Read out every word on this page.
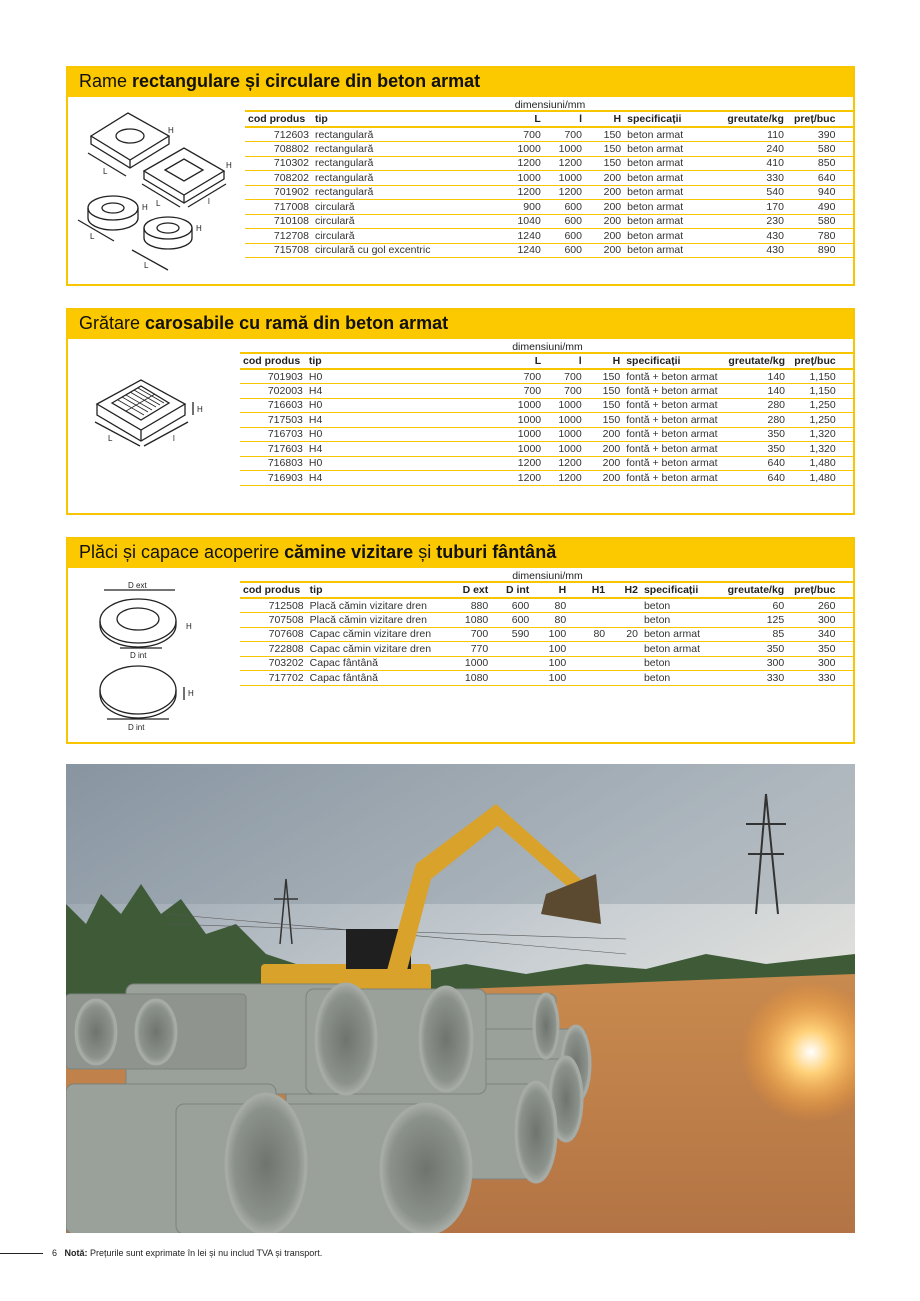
Rame rectangulare și circulare din beton armat
H
L
H
L	l
H
L
H
L
dimensiuni/mm
cod produs	tip	L	l	H	specificații	greutate/kg	preț/buc	
712603	rectangulară	700	700	150	beton armat	110	390	
708802	rectangulară	1000	1000	150	beton armat	240	580	
710302	rectangulară	1200	1200	150	beton armat	410	850	
708202	rectangulară	1000	1000	200	beton armat	330	640	
701902	rectangulară	1200	1200	200	beton armat	540	940	
717008	circulară	900	600	200	beton armat	170	490	
710108	circulară	1040	600	200	beton armat	230	580	
712708	circulară	1240	600	200	beton armat	430	780	
715708	circulară cu gol excentric	1240	600	200	beton armat	430	890	
Grătare carosabile cu ramă din beton armat
H
L	l
dimensiuni/mm
cod produs	tip	L	l	H	specificații	greutate/kg	preț/buc	
701903	H0	700	700	150	fontă + beton armat	140	1,150	
702003	H4	700	700	150	fontă + beton armat	140	1,150	
716603	H0	1000	1000	150	fontă + beton armat	280	1,250	
717503	H4	1000	1000	150	fontă + beton armat	280	1,250	
716703	H0	1000	1000	200	fontă + beton armat	350	1,320	
717603	H4	1000	1000	200	fontă + beton armat	350	1,320	
716803	H0	1200	1200	200	fontă + beton armat	640	1,480	
716903	H4	1200	1200	200	fontă + beton armat	640	1,480	
Plăci și capace acoperire cămine vizitare și tuburi fântână
D ext
H
D int
H
D int
dimensiuni/mm
cod produs	tip	D ext	D int	H	H1	H2	specificații	greutate/kg	preț/buc	
712508	Placă cămin vizitare dren	880	600	80			beton	60	260	
707508	Placă cămin vizitare dren	1080	600	80			beton	125	300	
707608	Capac cămin vizitare dren	700	590	100	80	20	beton armat	85	340	
722808	Capac cămin vizitare dren	770		100			beton armat	350	350	
703202	Capac fântână	1000		100			beton	300	300	
717702	Capac fântână	1080		100			beton	330	330	
6 Notă: Prețurile sunt exprimate în lei și nu includ TVA și transport.
